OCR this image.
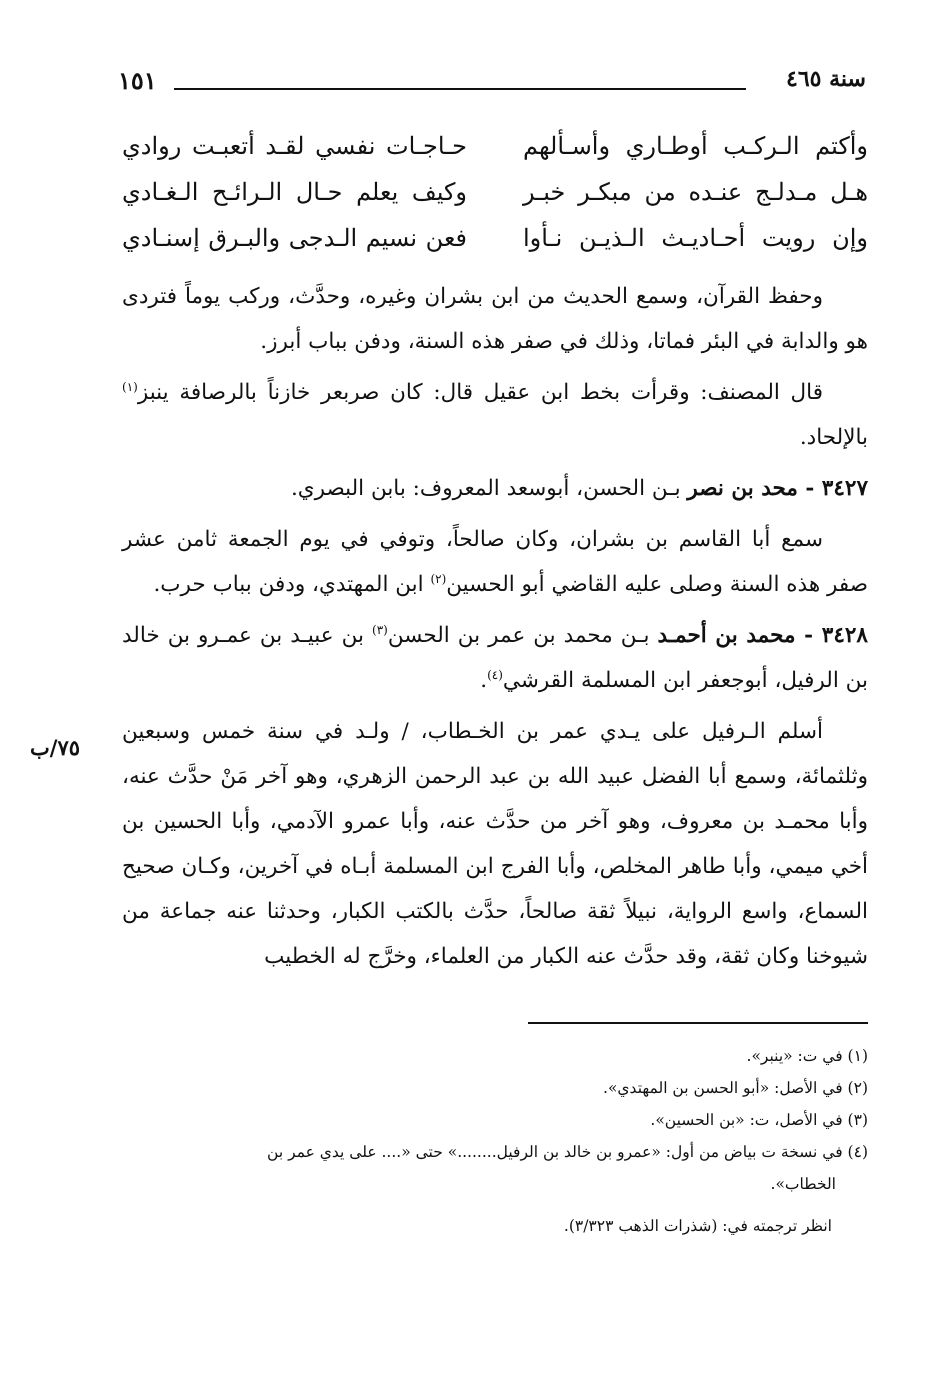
سنة ٤٦٥
١٥١
وأكتم الـركـب أوطـاري وأسـألهم
حـاجـات نفسي لقـد أتعبـت روادي
هـل مـدلـج عنـده من مبكـر خبـر
وكيف يعلم حـال الـرائـح الـغـادي
وإن رويت أحـاديـث الـذيـن نـأوا
فعن نسيم الـدجى والبـرق إسنـادي

وحفظ القرآن، وسمع الحديث من ابن بشران وغيره، وحدَّث، وركب يوماً فتردى هو والدابة في البئر فماتا، وذلك في صفر هذه السنة، ودفن بباب أبرز.

قال المصنف: وقرأت بخط ابن عقيل قال: كان صربعر خازناً بالرصافة ينبز$^{(١)}$ بالإلحاد.

٣٤٢٧ - محد بن نصر بـن الحسن، أبوسعد المعروف: بابن البصري.

سمع أبا القاسم بن بشران، وكان صالحاً، وتوفي في يوم الجمعة ثامن عشر صفر هذه السنة وصلى عليه القاضي أبو الحسين$^{(٢)}$ ابن المهتدي، ودفن بباب حرب.

٣٤٢٨ - محمد بن أحمـد بـن محمد بن عمر بن الحسن$^{(٣)}$ بن عبيـد بن عمـرو بن خالد بن الرفيل، أبوجعفر ابن المسلمة القرشي$^{(٤)}$.

أسلم الـرفيل على يـدي عمر بن الخـطاب، / ولـد في سنة خمس وسبعين وثلثمائة، وسمع أبا الفضل عبيد الله بن عبد الرحمن الزهري، وهو آخر مَنْ حدَّث عنه، وأبا محمـد بن معروف، وهو آخر من حدَّث عنه، وأبا عمرو الآدمي، وأبا الحسين بن أخي ميمي، وأبا طاهر المخلص، وأبا الفرج ابن المسلمة أبـاه في آخرين، وكـان صحيح السماع، واسع الرواية، نبيلاً ثقة صالحاً، حدَّث بالكتب الكبار، وحدثنا عنه جماعة من شيوخنا وكان ثقة، وقد حدَّث عنه الكبار من العلماء، وخرَّج له الخطيب

٧٥/ب

(١) في ت: «ينبر».

(٢) في الأصل: «أبو الحسن بن المهتدي».

(٣) في الأصل، ت: «بن الحسين».

(٤) في نسخة ت بياض من أول: «عمرو بن خالد بن الرفيل........» حتى «.... على يدي عمر بن

الخطاب».

انظر ترجمته في: (شذرات الذهب ٣/٣٢٣).
